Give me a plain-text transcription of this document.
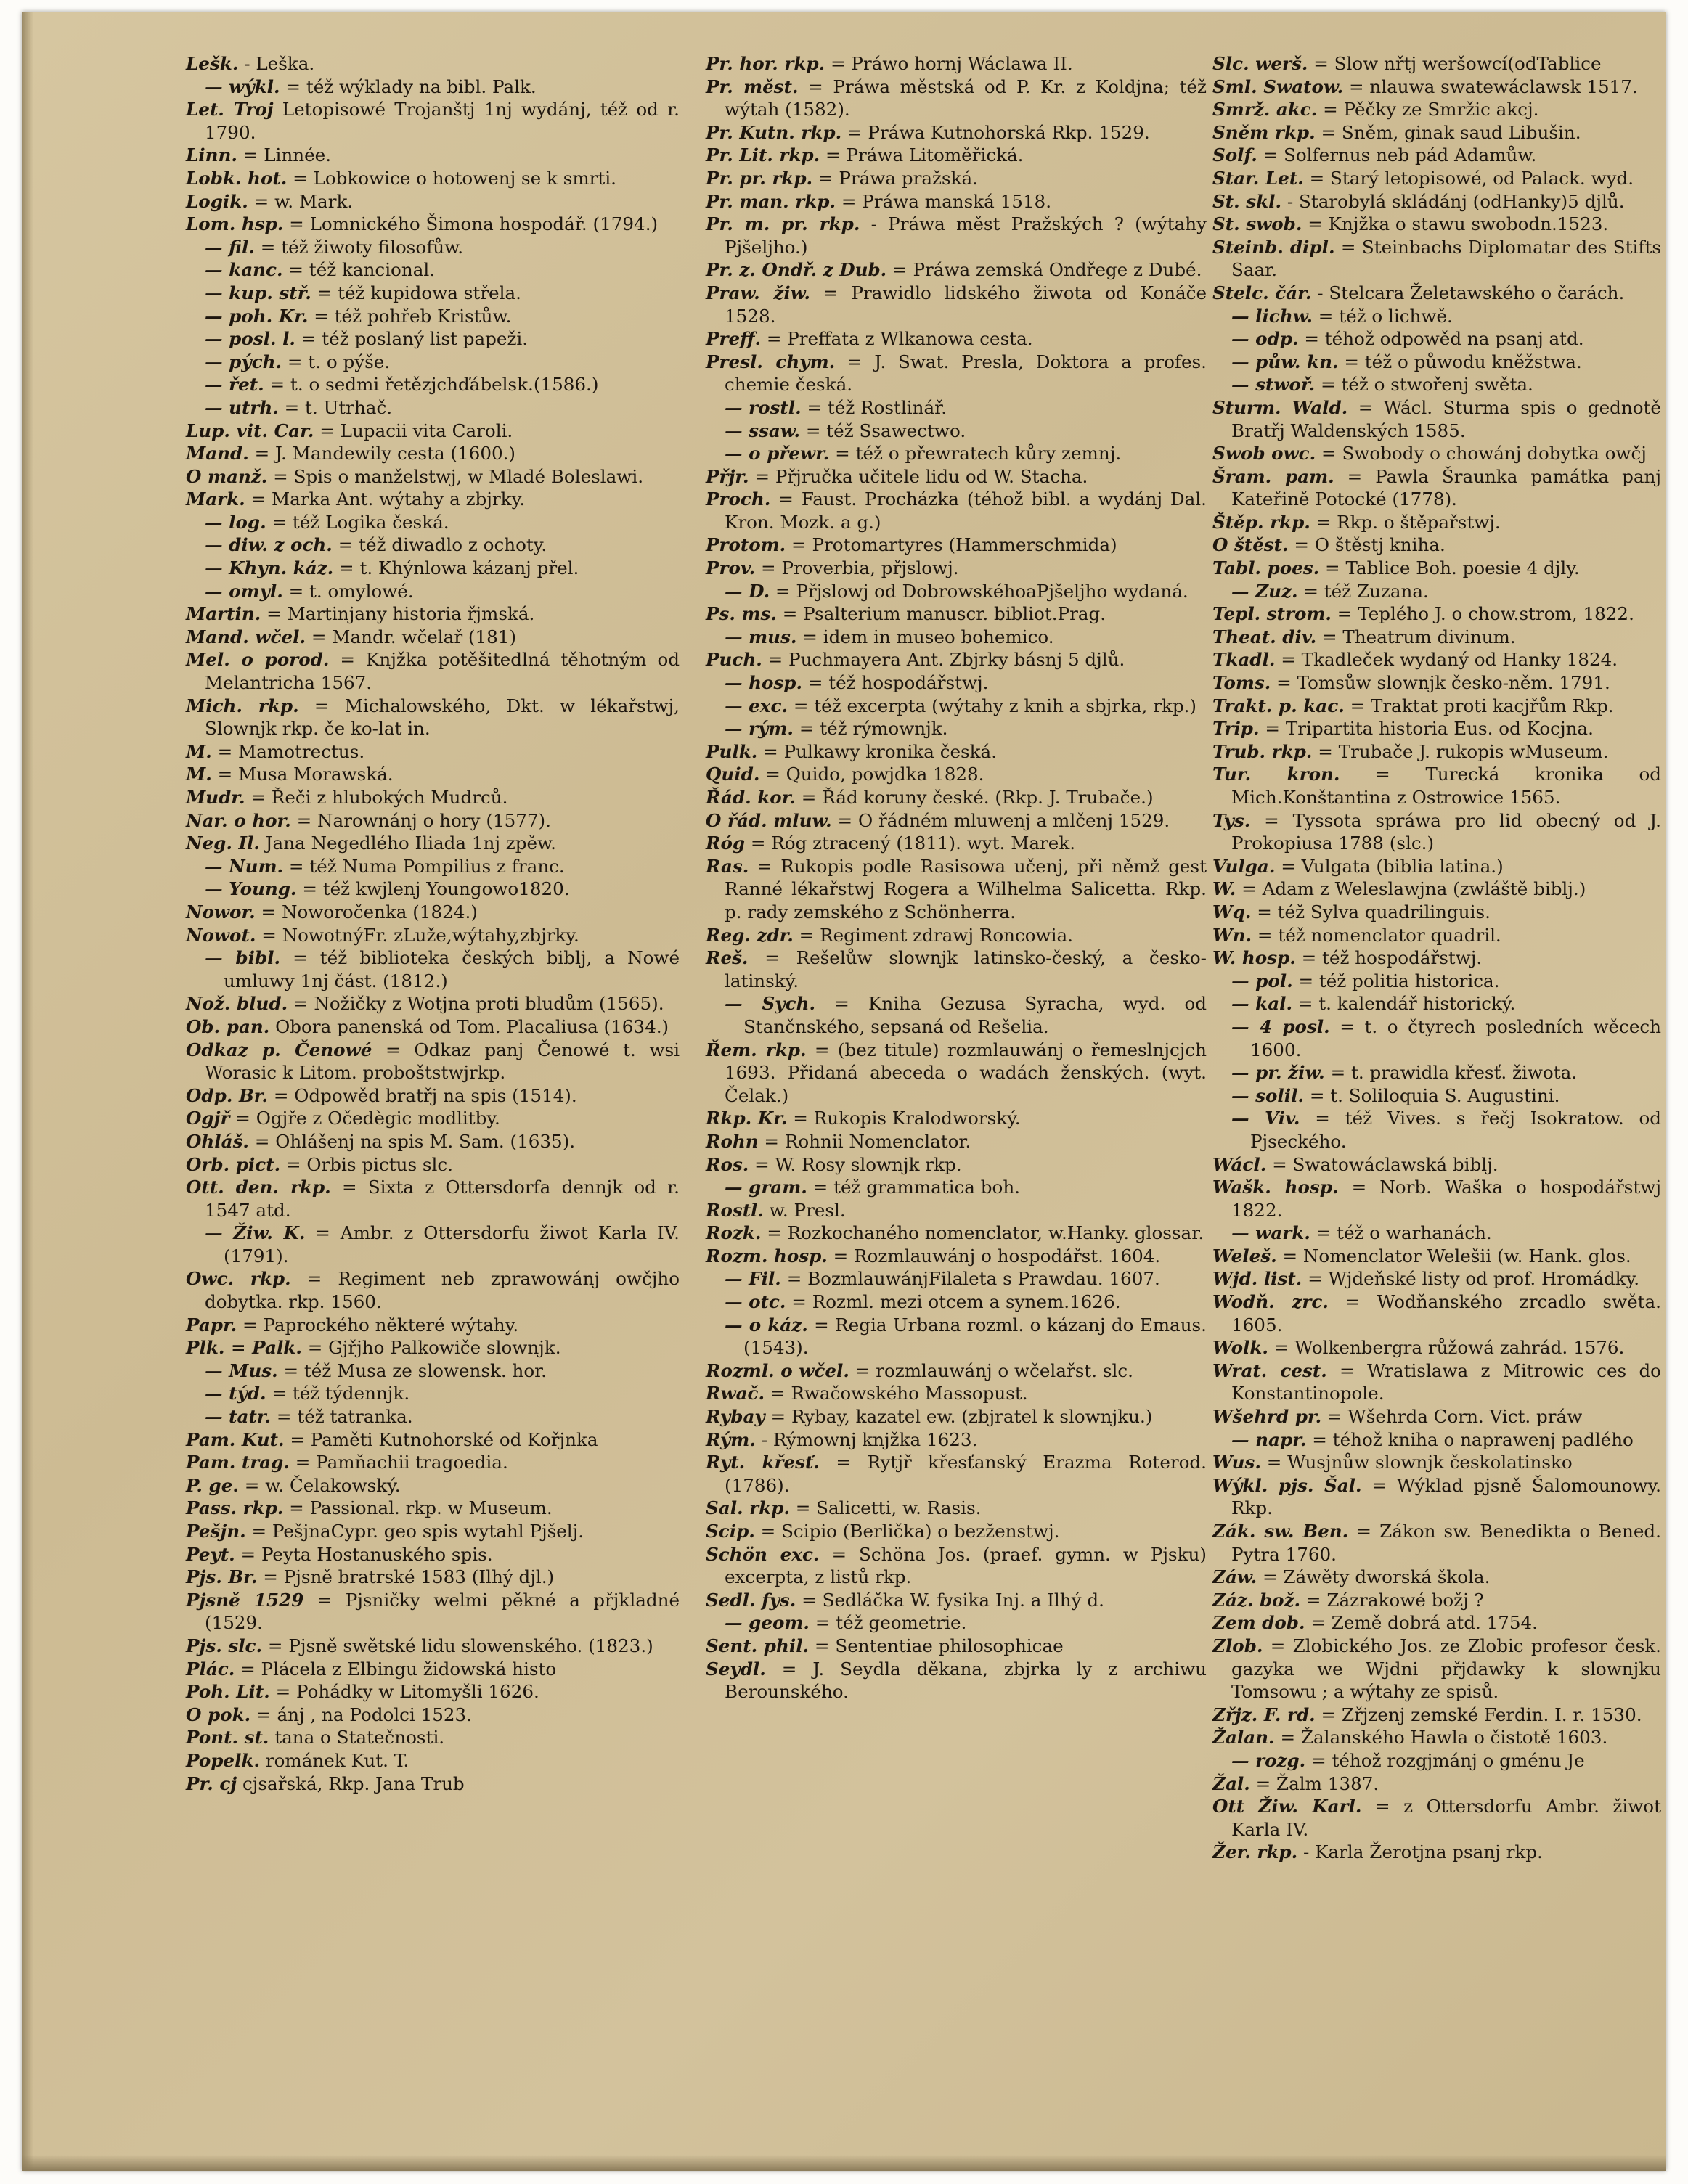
Lešk. - Leška.

— wýkl. = též wýklady na bibl. Palk.

Let. Troj Letopisowé Trojanštj 1nj wydánj, též od r. 1790.

Linn. = Linnée.

Lobk. hot. = Lobkowice o hotowenj se k smrti.

Logik. = w. Mark.

Lom. hsp. = Lomnického Šimona hospodář. (1794.)

— fil. = též žiwoty filosofůw.

— kanc. = též kancional.

— kup. stř. = též kupidowa střela.

— poh. Kr. = též pohřeb Kristůw.

— posl. l. = též poslaný list papeži.

— pých. = t. o pýše.

— řet. = t. o sedmi řetězjchďábelsk.(1586.)

— utrh. = t. Utrhač.

Lup. vit. Car. = Lupacii vita Caroli.

Mand. = J. Mandewily cesta (1600.)

O manž. = Spis o manželstwj, w Mladé Boleslawi.

Mark. = Marka Ant. wýtahy a zbjrky.

— log. = též Logika česká.

— diw. z och. = též diwadlo z ochoty.

— Khyn. káz. = t. Khýnlowa kázanj přel.

— omyl. = t. omylowé.

Martin. = Martinjany historia řjmská.

Mand. wčel. = Mandr. wčelař (181)

Mel. o porod. = Knjžka potěšitedlná těhotným od Melantricha 1567.

Mich. rkp. = Michalowského, Dkt. w lékařstwj, Slownjk rkp. če ko-lat in.

M. = Mamotrectus.

M. = Musa Morawská.

Mudr. = Řeči z hlubokých Mudrců.

Nar. o hor. = Narownánj o hory (1577).

Neg. Il. Jana Negedlého Iliada 1nj zpěw.

— Num. = též Numa Pompilius z franc.

— Young. = též kwjlenj Youngowo1820.

Nowor. = Noworočenka (1824.)

Nowot. = NowotnýFr. zLuže,wýtahy,zbjrky.

— bibl. = též biblioteka českých biblj, a Nowé umluwy 1nj část. (1812.)

Nož. blud. = Nožičky z Wotjna proti bludům (1565).

Ob. pan. Obora panenská od Tom. Placaliusa (1634.)

Odkaz p. Čenowé = Odkaz panj Čenowé t. wsi Worasic k Litom. proboštstwjrkp.

Odp. Br. = Odpowěd bratřj na spis (1514).

Ogjř = Ogjře z Očedègic modlitby.

Ohláš. = Ohlášenj na spis M. Sam. (1635).

Orb. pict. = Orbis pictus slc.

Ott. den. rkp. = Sixta z Ottersdorfa dennjk od r. 1547 atd.

— Žiw. K. = Ambr. z Ottersdorfu žiwot Karla IV. (1791).

Owc. rkp. = Regiment neb zprawowánj owčjho dobytka. rkp. 1560.

Papr. = Paprockého některé wýtahy.

Plk. = Palk. = Gjřjho Palkowiče slownjk.

— Mus. = též Musa ze slowensk. hor.

— týd. = též týdennjk.

— tatr. = též tatranka.

Pam. Kut. = Paměti Kutnohorské od Kořjnka

Pam. trag. = Pamňachii tragoedia.

P. ge. = w. Čelakowský.

Pass. rkp. = Passional. rkp. w Museum.

Pešjn. = PešjnaCypr. geo spis wytahl Pjšelj.

Peyt. = Peyta Hostanuského spis.

Pjs. Br. = Pjsně bratrské 1583 (Ilhý djl.)

Pjsně 1529 = Pjsničky welmi pěkné a přjkladné (1529.

Pjs. slc. = Pjsně swětské lidu slowenského. (1823.)

Plác. = Plácela z Elbingu židowská histo

Poh. Lit. = Pohádky w Litomyšli 1626.

O pok. = ánj , na Podolci 1523.

Pont. st. tana o Statečnosti.

Popelk. románek Kut. T.

Pr. cj cjsařská, Rkp. Jana Trub

Pr. hor. rkp. = Práwo hornj Wáclawa II.

Pr. měst. = Práwa městská od P. Kr. z Koldjna; též wýtah (1582).

Pr. Kutn. rkp. = Práwa Kutnohorská Rkp. 1529.

Pr. Lit. rkp. = Práwa Litoměřická.

Pr. pr. rkp. = Práwa pražská.

Pr. man. rkp. = Práwa manská 1518.

Pr. m. pr. rkp. - Práwa měst Pražských ? (wýtahy Pjšeljho.)

Pr. z. Ondř. z Dub. = Práwa zemská Ondřege z Dubé.

Praw. žiw. = Prawidlo lidského žiwota od Konáče 1528.

Preff. = Preffata z Wlkanowa cesta.

Presl. chym. = J. Swat. Presla, Doktora a profes. chemie česká.

— rostl. = též Rostlinář.

— ssaw. = též Ssawectwo.

— o přewr. = též o přewratech kůry zemnj.

Přjr. = Přjručka učitele lidu od W. Stacha.

Proch. = Faust. Procházka (téhož bibl. a wydánj Dal. Kron. Mozk. a g.)

Protom. = Protomartyres (Hammerschmida)

Prov. = Proverbia, přjslowj.

— D. = Přjslowj od DobrowskéhoaPjšeljho wydaná.

Ps. ms. = Psalterium manuscr. bibliot.Prag.

— mus. = idem in museo bohemico.

Puch. = Puchmayera Ant. Zbjrky básnj 5 djlů.

— hosp. = též hospodářstwj.

— exc. = též excerpta (wýtahy z knih a sbjrka, rkp.)

— rým. = též rýmownjk.

Pulk. = Pulkawy kronika česká.

Quid. = Quido, powjdka 1828.

Řád. kor. = Řád koruny české. (Rkp. J. Trubače.)

O řád. mluw. = O řádném mluwenj a mlčenj 1529.

Róg = Róg ztracený (1811). wyt. Marek.

Ras. = Rukopis podle Rasisowa učenj, při němž gest Ranné lékařstwj Rogera a Wilhelma Salicetta. Rkp. p. rady zemského z Schönherra.

Reg. zdr. = Regiment zdrawj Roncowia.

Reš. = Rešelůw slownjk latinsko-český, a česko-latinský.

— Sych. = Kniha Gezusa Syracha, wyd. od Stančnského, sepsaná od Rešelia.

Řem. rkp. = (bez titule) rozmlauwánj o řemeslnjcjch 1693. Přidaná abeceda o wadách ženských. (wyt. Čelak.)

Rkp. Kr. = Rukopis Kralodworský.

Rohn = Rohnii Nomenclator.

Ros. = W. Rosy slownjk rkp.

— gram. = též grammatica boh.

Rostl. w. Presl.

Rozk. = Rozkochaného nomenclator, w.Hanky. glossar.

Rozm. hosp. = Rozmlauwánj o hospodářst. 1604.

— Fil. = BozmlauwánjFilaleta s Prawdau. 1607.

— otc. = Rozml. mezi otcem a synem.1626.

— o káz. = Regia Urbana rozml. o kázanj do Emaus. (1543).

Rozml. o wčel. = rozmlauwánj o wčelařst. slc.

Rwač. = Rwačowského Massopust.

Rybay = Rybay, kazatel ew. (zbjratel k slownjku.)

Rým. - Rýmownj knjžka 1623.

Ryt. křesť. = Rytjř křesťanský Erazma Roterod. (1786).

Sal. rkp. = Salicetti, w. Rasis.

Scip. = Scipio (Berlička) o bezženstwj.

Schön exc. = Schöna Jos. (praef. gymn. w Pjsku) excerpta, z listů rkp.

Sedl. fys. = Sedláčka W. fysika Inj. a Ilhý d.

— geom. = též geometrie.

Sent. phil. = Sententiae philosophicae

Seydl. = J. Seydla děkana, zbjrka ly z archiwu Berounského.

Slc. werš. = Slow nřtj weršowcí(odTablice

Sml. Swatow. = nlauwa swatewáclawsk 1517.

Smrž. akc. = Pěčky ze Smržic akcj.

Sněm rkp. = Sněm, ginak saud Libušin.

Solf. = Solfernus neb pád Adamůw.

Star. Let. = Starý letopisowé, od Palack. wyd.

St. skl. - Starobylá skládánj (odHanky)5 djlů.

St. swob. = Knjžka o stawu swobodn.1523.

Steinb. dipl. = Steinbachs Diplomatar des Stifts Saar.

Stelc. čár. - Stelcara Želetawského o čarách.

— lichw. = též o lichwě.

— odp. = téhož odpowěd na psanj atd.

— půw. kn. = též o půwodu kněžstwa.

— stwoř. = též o stwořenj swěta.

Sturm. Wald. = Wácl. Sturma spis o gednotě Bratřj Waldenských 1585.

Swob owc. = Swobody o chowánj dobytka owčj

Šram. pam. = Pawla Šraunka památka panj Kateřině Potocké (1778).

Štěp. rkp. = Rkp. o štěpařstwj.

O štěst. = O štěstj kniha.

Tabl. poes. = Tablice Boh. poesie 4 djly.

— Zuz. = též Zuzana.

Tepl. strom. = Teplého J. o chow.strom, 1822.

Theat. div. = Theatrum divinum.

Tkadl. = Tkadleček wydaný od Hanky 1824.

Toms. = Tomsůw slownjk česko-něm. 1791.

Trakt. p. kac. = Traktat proti kacjřům Rkp.

Trip. = Tripartita historia Eus. od Kocjna.

Trub. rkp. = Trubače J. rukopis wMuseum.

Tur. kron. = Turecká kronika od Mich.Konštantina z Ostrowice 1565.

Tys. = Tyssota spráwa pro lid obecný od J. Prokopiusa 1788 (slc.)

Vulga. = Vulgata (biblia latina.)

W. = Adam z Weleslawjna (zwláště biblj.)

Wq. = též Sylva quadrilinguis.

Wn. = též nomenclator quadril.

W. hosp. = též hospodářstwj.

— pol. = též politia historica.

— kal. = t. kalendář historický.

— 4 posl. = t. o čtyrech posledních wěcech 1600.

— pr. žiw. = t. prawidla křesť. žiwota.

— solil. = t. Soliloquia S. Augustini.

— Viv. = též Vives. s řečj Isokratow. od Pjseckého.

Wácl. = Swatowáclawská biblj.

Wašk. hosp. = Norb. Waška o hospodářstwj 1822.

— wark. = též o warhanách.

Weleš. = Nomenclator Welešii (w. Hank. glos.

Wjd. list. = Wjdeňské listy od prof. Hromádky.

Wodň. zrc. = Wodňanského zrcadlo swěta. 1605.

Wolk. = Wolkenbergra růžowá zahrád. 1576.

Wrat. cest. = Wratislawa z Mitrowic ces do Konstantinopole.

Wšehrd pr. = Wšehrda Corn. Vict. práw

— napr. = téhož kniha o naprawenj padlého

Wus. = Wusjnůw slownjk českolatinsko

Wýkl. pjs. Šal. = Wýklad pjsně Šalomounowy. Rkp.

Zák. sw. Ben. = Zákon sw. Benedikta o Bened. Pytra 1760.

Záw. = Záwěty dworská škola.

Záz. bož. = Zázrakowé božj ?

Zem dob. = Země dobrá atd. 1754.

Zlob. = Zlobického Jos. ze Zlobic profesor česk. gazyka we Wjdni přjdawky k slownjku Tomsowu ; a wýtahy ze spisů.

Zřjz. F. rd. = Zřjzenj zemské Ferdin. I. r. 1530.

Žalan. = Žalanského Hawla o čistotě 1603.

— rozg. = téhož rozgjmánj o gménu Je

Žal. = Žalm 1387.

Ott Žiw. Karl. = z Ottersdorfu Ambr. žiwot Karla IV.

Žer. rkp. - Karla Žerotjna psanj rkp.
